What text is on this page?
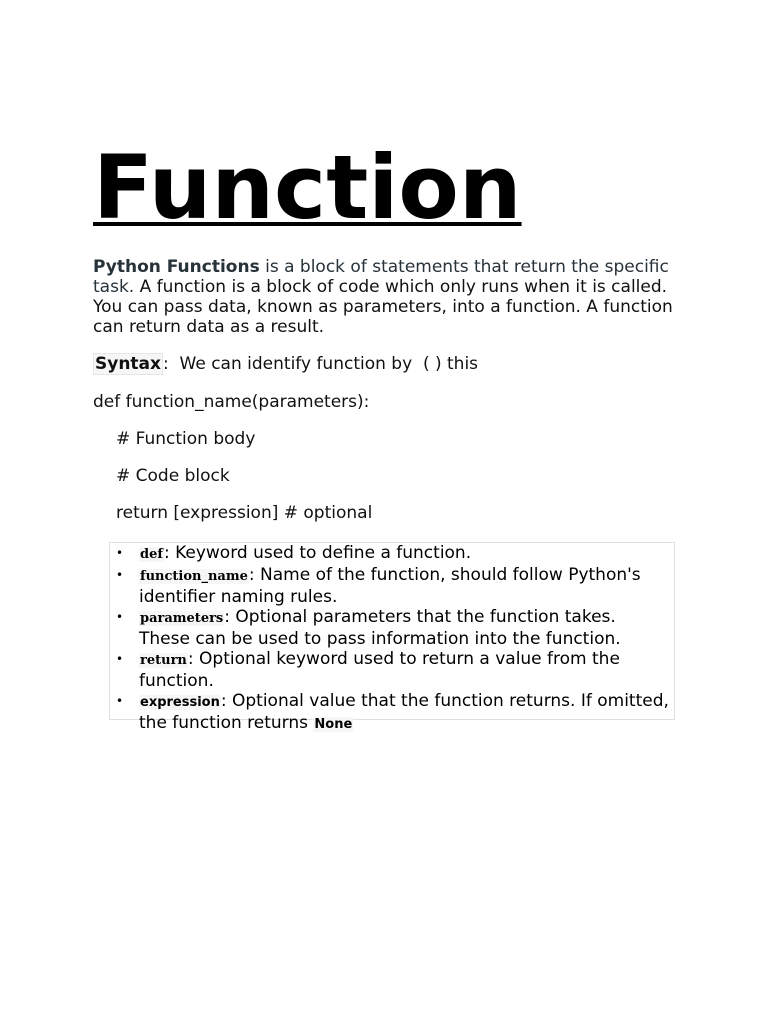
Function

Python Functions is a block of statements that return the specific task. A function is a block of code which only runs when it is called. You can pass data, known as parameters, into a function. A function can return data as a result.

Syntax :  We can identify function by  ( ) this

def function_name(parameters):

# Function body

# Code block

return [expression] # optional

• def: Keyword used to define a function.
• function_name: Name of the function, should follow Python's identifier naming rules.
• parameters: Optional parameters that the function takes. These can be used to pass information into the function.
• return: Optional keyword used to return a value from the function.
• expression: Optional value that the function returns. If omitted, the function returns None
